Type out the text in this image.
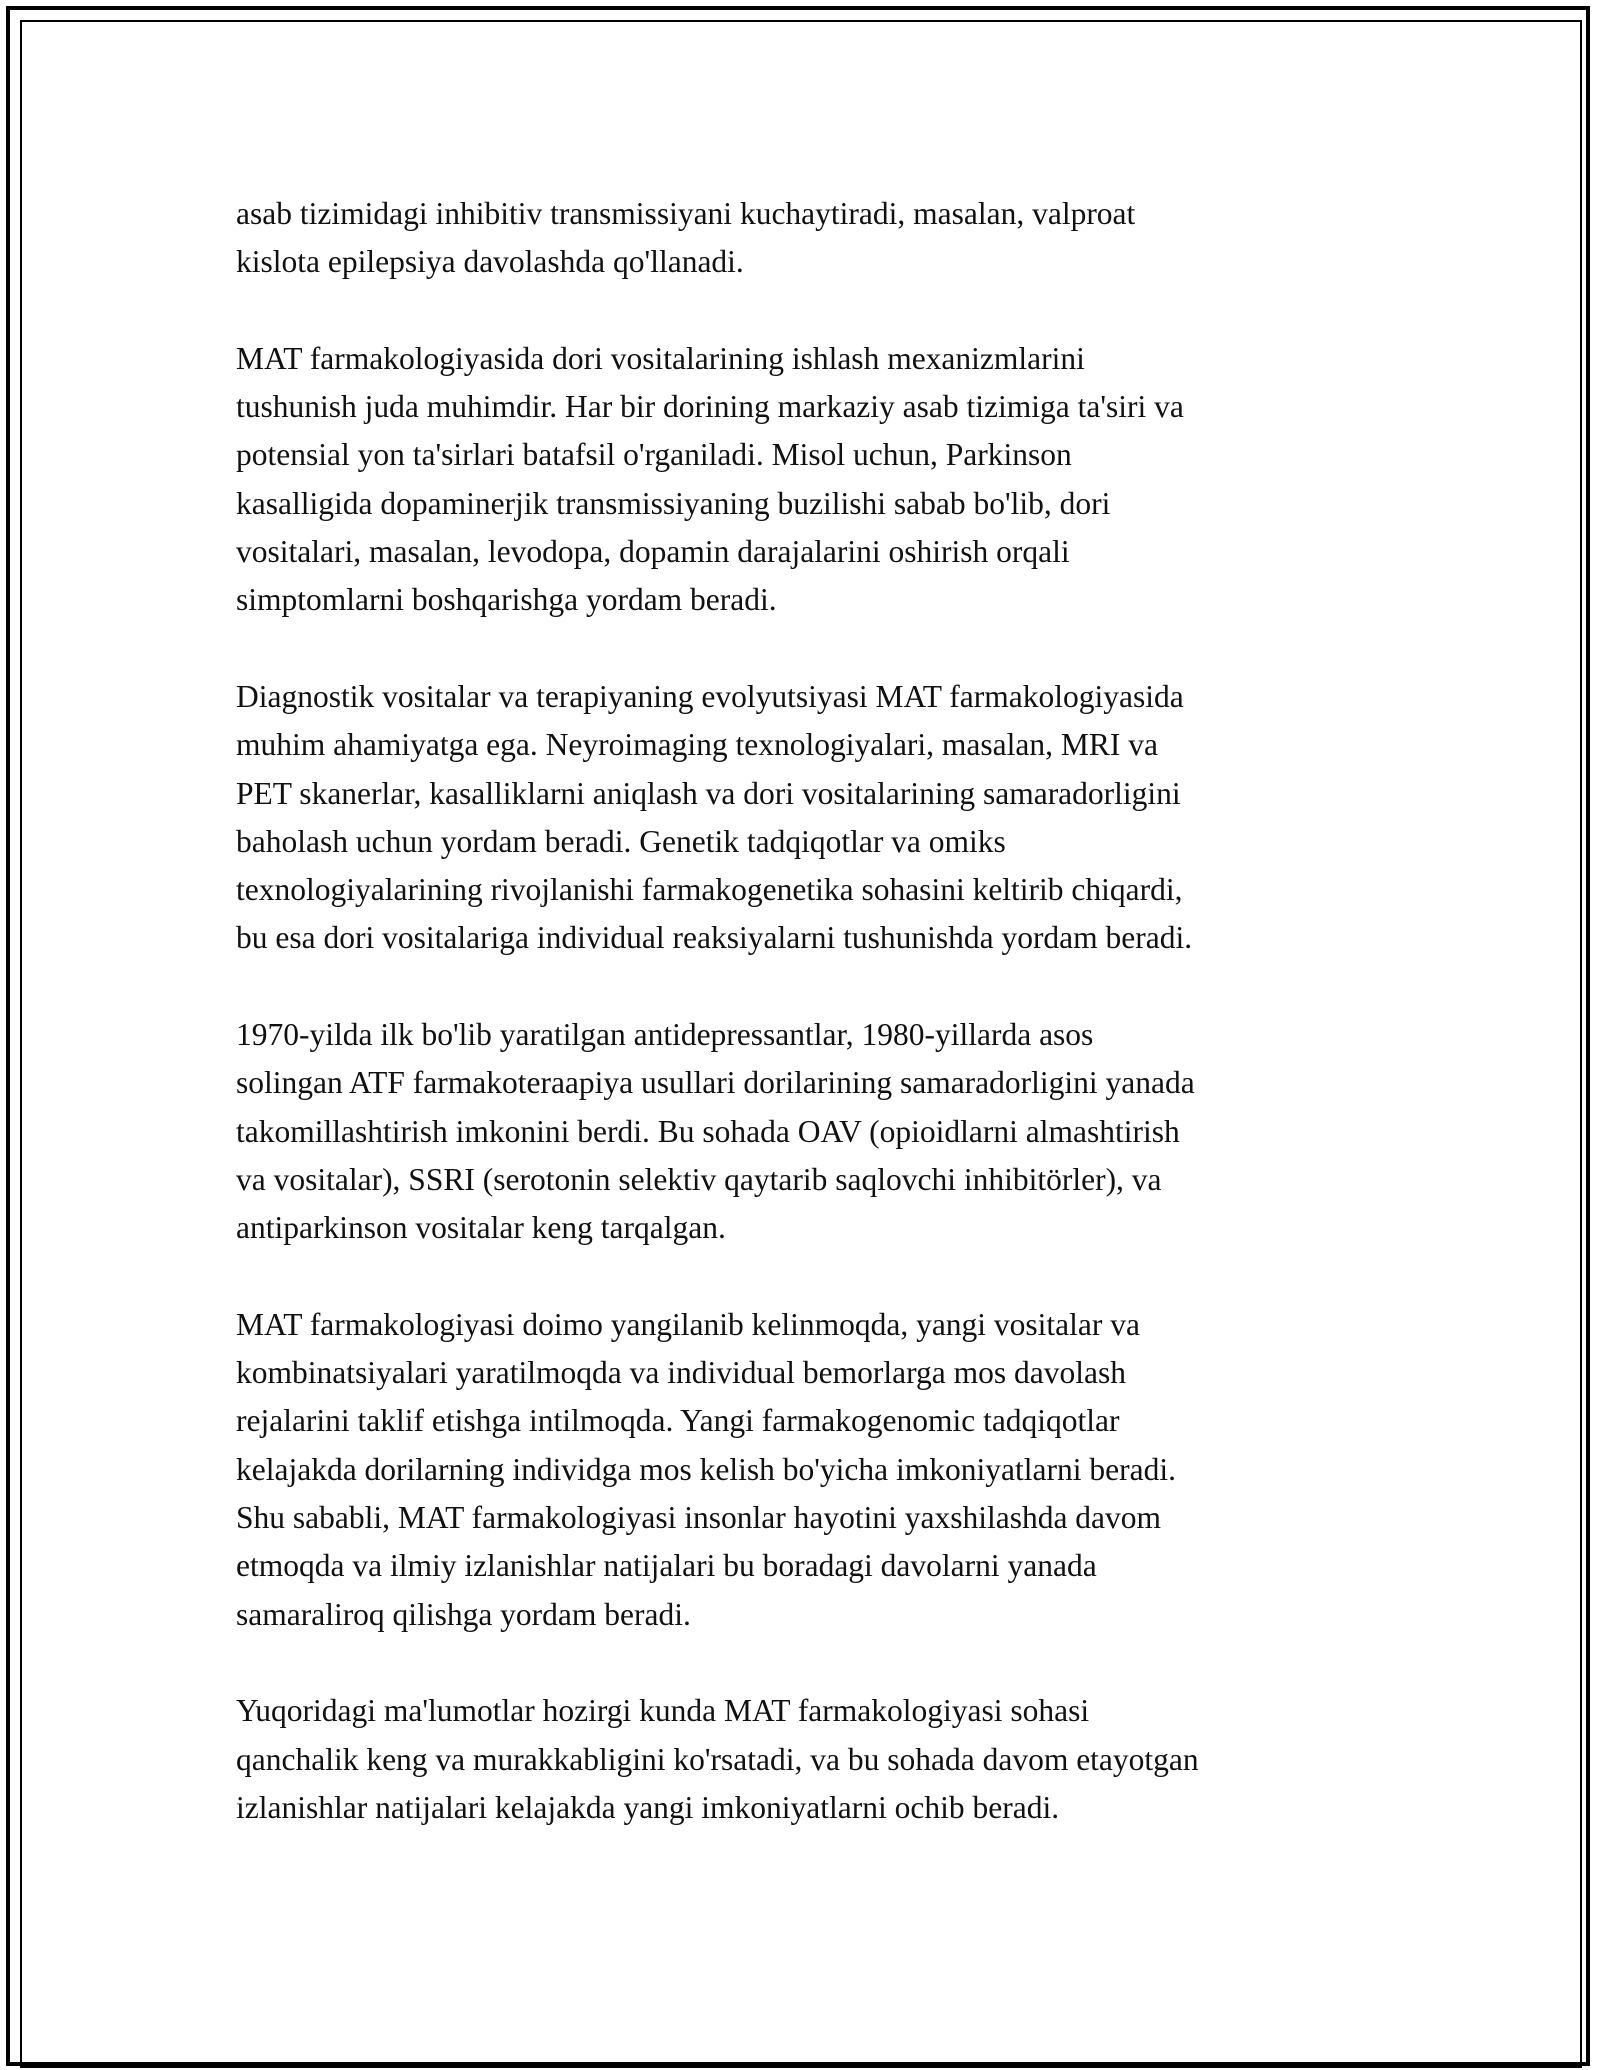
asab tizimidagi inhibitiv transmissiyani kuchaytiradi, masalan, valproat
kislota epilepsiya davolashda qo'llanadi.

MAT farmakologiyasida dori vositalarining ishlash mexanizmlarini
tushunish juda muhimdir. Har bir dorining markaziy asab tizimiga ta'siri va
potensial yon ta'sirlari batafsil o'rganiladi. Misol uchun, Parkinson
kasalligida dopaminerjik transmissiyaning buzilishi sabab bo'lib, dori
vositalari, masalan, levodopa, dopamin darajalarini oshirish orqali
simptomlarni boshqarishga yordam beradi.

Diagnostik vositalar va terapiyaning evolyutsiyasi MAT farmakologiyasida
muhim ahamiyatga ega. Neyroimaging texnologiyalari, masalan, MRI va
PET skanerlar, kasalliklarni aniqlash va dori vositalarining samaradorligini
baholash uchun yordam beradi. Genetik tadqiqotlar va omiks
texnologiyalarining rivojlanishi farmakogenetika sohasini keltirib chiqardi,
bu esa dori vositalariga individual reaksiyalarni tushunishda yordam beradi.

1970-yilda ilk bo'lib yaratilgan antidepressantlar, 1980-yillarda asos
solingan ATF farmakoteraapiya usullari dorilarining samaradorligini yanada
takomillashtirish imkonini berdi. Bu sohada OAV (opioidlarni almashtirish
va vositalar), SSRI (serotonin selektiv qaytarib saqlovchi inhibitörler), va
antiparkinson vositalar keng tarqalgan.

MAT farmakologiyasi doimo yangilanib kelinmoqda, yangi vositalar va
kombinatsiyalari yaratilmoqda va individual bemorlarga mos davolash
rejalarini taklif etishga intilmoqda. Yangi farmakogenomic tadqiqotlar
kelajakda dorilarning individga mos kelish bo'yicha imkoniyatlarni beradi.
Shu sababli, MAT farmakologiyasi insonlar hayotini yaxshilashda davom
etmoqda va ilmiy izlanishlar natijalari bu boradagi davolarni yanada
samaraliroq qilishga yordam beradi.

Yuqoridagi ma'lumotlar hozirgi kunda MAT farmakologiyasi sohasi
qanchalik keng va murakkabligini ko'rsatadi, va bu sohada davom etayotgan
izlanishlar natijalari kelajakda yangi imkoniyatlarni ochib beradi.
